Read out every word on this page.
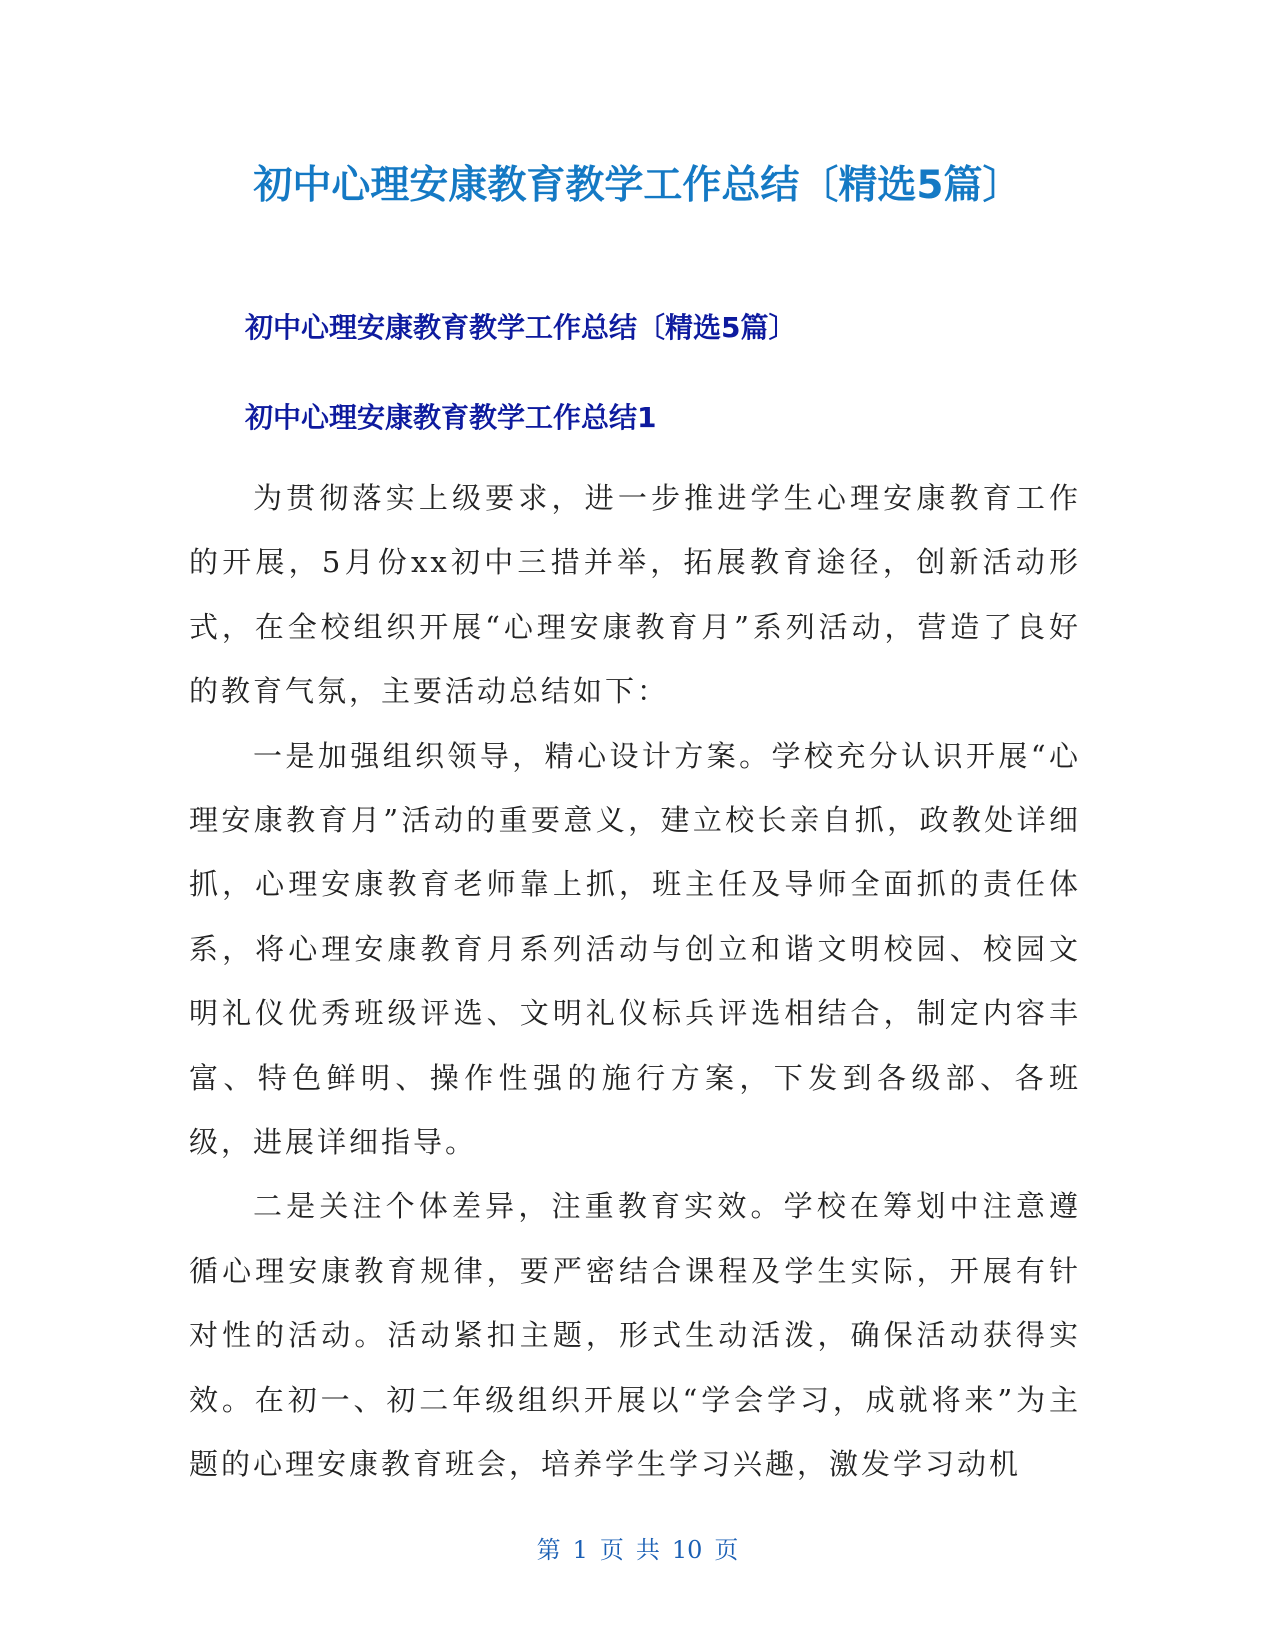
初中心理安康教育教学工作总结〔精选5篇〕
初中心理安康教育教学工作总结〔精选5篇〕
初中心理安康教育教学工作总结1

为贯彻落实上级要求，进一步推进学生心理安康教育工作的开展，5月份xx初中三措并举，拓展教育途径，创新活动形式，在全校组织开展“心理安康教育月”系列活动，营造了良好的教育气氛，主要活动总结如下：

一是加强组织领导，精心设计方案。学校充分认识开展“心理安康教育月”活动的重要意义，建立校长亲自抓，政教处详细抓，心理安康教育老师靠上抓，班主任及导师全面抓的责任体系，将心理安康教育月系列活动与创立和谐文明校园、校园文明礼仪优秀班级评选、文明礼仪标兵评选相结合，制定内容丰富、特色鲜明、操作性强的施行方案，下发到各级部、各班级，进展详细指导。

二是关注个体差异，注重教育实效。学校在筹划中注意遵循心理安康教育规律，要严密结合课程及学生实际，开展有针对性的活动。活动紧扣主题，形式生动活泼，确保活动获得实效。在初一、初二年级组织开展以“学会学习，成就将来”为主题的心理安康教育班会，培养学生学习兴趣，激发学习动机

第 1 页 共 10 页
